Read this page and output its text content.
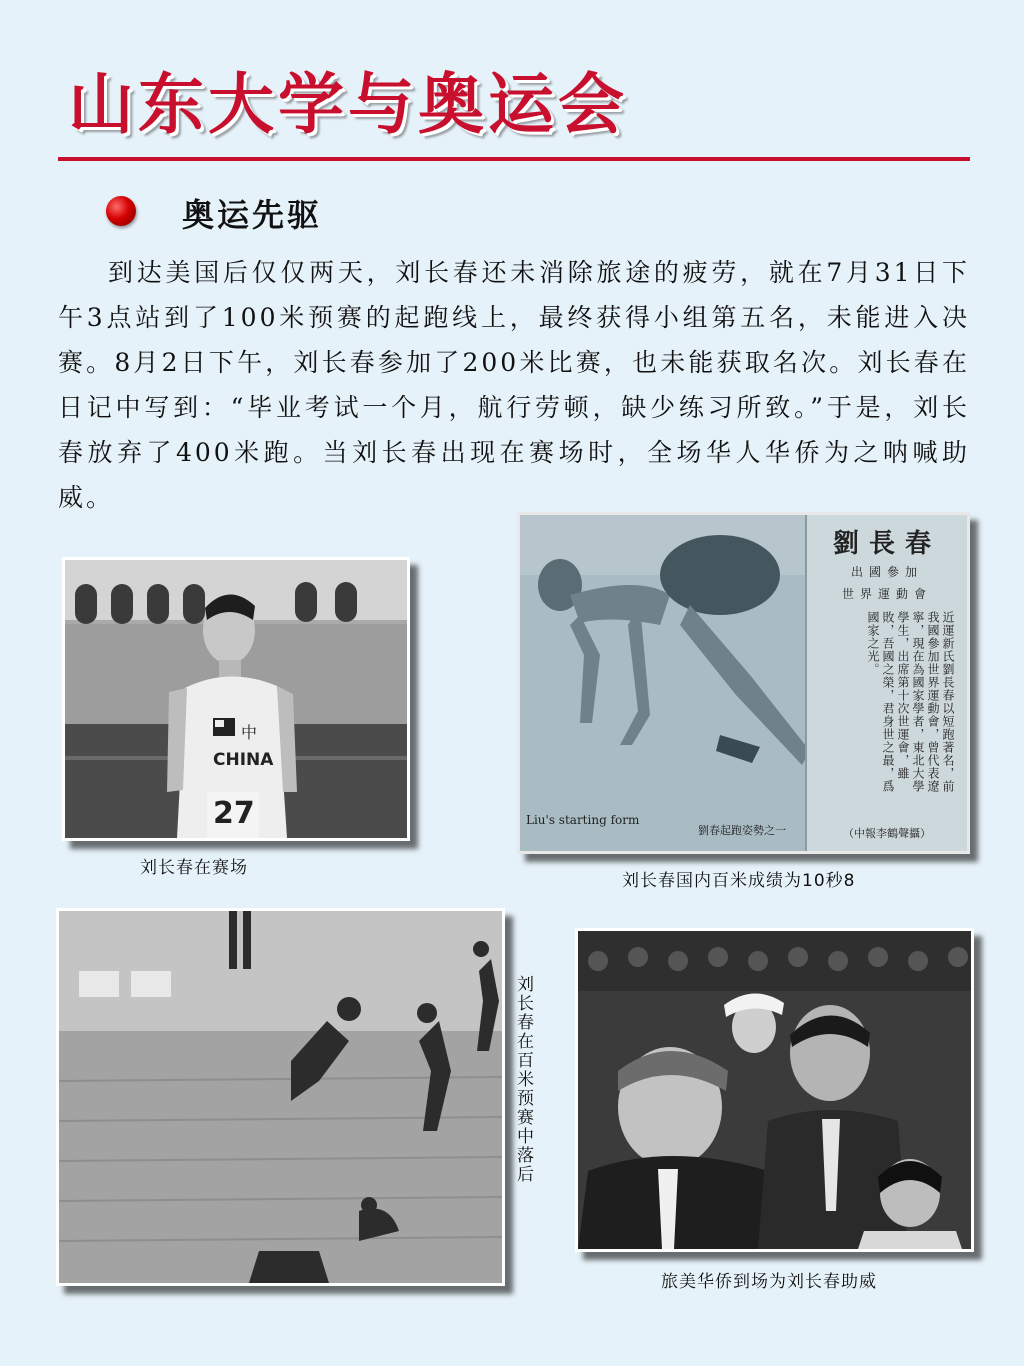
山东大学与奥运会
奥运先驱

到达美国后仅仅两天，刘长春还未消除旅途的疲劳，就在7月31日下午3点站到了100米预赛的起跑线上，最终获得小组第五名，未能进入决赛。8月2日下午，刘长春参加了200米比赛，也未能获取名次。刘长春在日记中写到：“毕业考试一个月，航行劳顿，缺少练习所致。”于是，刘长春放弃了400米跑。当刘长春出现在赛场时，全场华人华侨为之呐喊助威。

中
CHINA
27
刘长春在赛场
劉長春
出國參加
世界運動會
近運新氏劉長春以短跑著名，前我國參加世界運動會，曾代表遼寧，現在為國家學者，東北大學學生，出席第十次世運會，雖敗，吾國之榮，君身世之最，爲國家之光。
（中報李鶴聲攝）
Liu's starting form
劉春起跑姿勢之一
刘长春国内百米成绩为10秒8
刘长春在百米预赛中落后
旅美华侨到场为刘长春助威
